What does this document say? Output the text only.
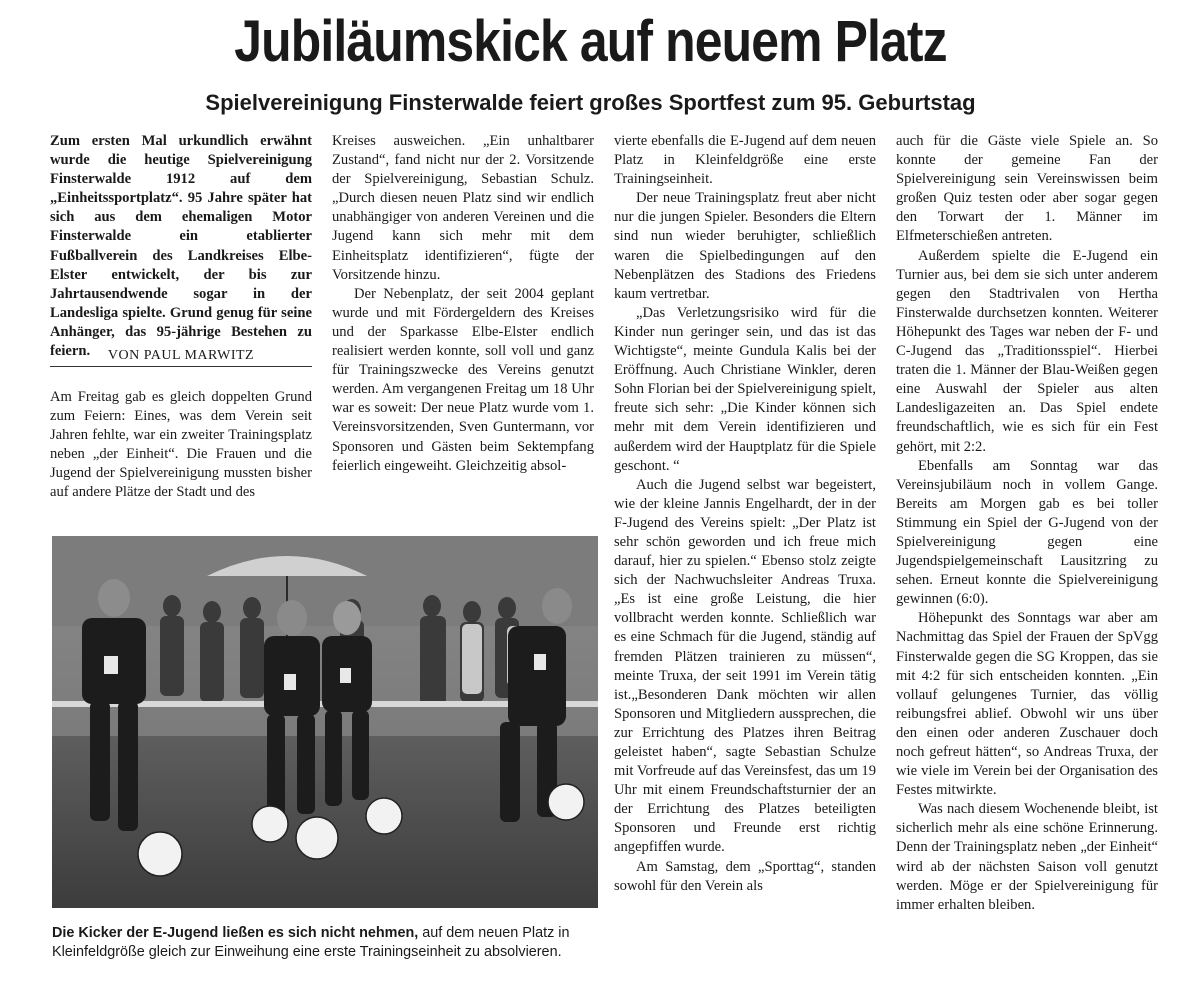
Jubiläumskick auf neuem Platz
Spielvereinigung Finsterwalde feiert großes Sportfest zum 95. Geburtstag

Zum ersten Mal urkundlich erwähnt wurde die heutige Spielvereinigung Finsterwalde 1912 auf dem „Einheitssportplatz“. 95 Jahre später hat sich aus dem ehemaligen Motor Finsterwalde ein etablierter Fußballverein des Landkreises Elbe-Elster entwickelt, der bis zur Jahrtausendwende sogar in der Landesliga spielte. Grund genug für seine Anhänger, das 95-jährige Bestehen zu feiern.	VON PAUL MARWITZ

Am Freitag gab es gleich doppelten Grund zum Feiern: Eines, was dem Verein seit Jahren fehlte, war ein zweiter Trainingsplatz neben „der Einheit“. Die Frauen und die Jugend der Spielvereinigung mussten bisher auf andere Plätze der Stadt und des

Kreises ausweichen. „Ein unhaltbarer Zustand“, fand nicht nur der 2. Vorsitzende der Spielvereinigung, Sebastian Schulz. „Durch diesen neuen Platz sind wir endlich unabhängiger von anderen Vereinen und die Jugend kann sich mehr mit dem Einheitsplatz identifizieren“, fügte der Vorsitzende hinzu.

Der Nebenplatz, der seit 2004 geplant wurde und mit Fördergeldern des Kreises und der Sparkasse Elbe-Elster endlich realisiert werden konnte, soll voll und ganz für Trainingszwecke des Vereins genutzt werden. Am vergangenen Freitag um 18 Uhr war es soweit: Der neue Platz wurde vom 1. Vereinsvorsitzenden, Sven Guntermann, vor Sponsoren und Gästen beim Sektempfang feierlich eingeweiht. Gleichzeitig absol-

vierte ebenfalls die E-Jugend auf dem neuen Platz in Kleinfeldgröße eine erste Trainingseinheit.

Der neue Trainingsplatz freut aber nicht nur die jungen Spieler. Besonders die Eltern sind nun wieder beruhigter, schließlich waren die Spielbedingungen auf den Nebenplätzen des Stadions des Friedens kaum vertretbar.

„Das Verletzungsrisiko wird für die Kinder nun geringer sein, und das ist das Wichtigste“, meinte Gundula Kalis bei der Eröffnung. Auch Christiane Winkler, deren Sohn Florian bei der Spielvereinigung spielt, freute sich sehr: „Die Kinder können sich mehr mit dem Verein identifizieren und außerdem wird der Hauptplatz für die Spiele geschont. “

Auch die Jugend selbst war begeistert, wie der kleine Jannis Engelhardt, der in der F-Jugend des Vereins spielt: „Der Platz ist sehr schön geworden und ich freue mich darauf, hier zu spielen.“ Ebenso stolz zeigte sich der Nachwuchsleiter Andreas Truxa. „Es ist eine große Leistung, die hier vollbracht werden konnte. Schließlich war es eine Schmach für die Jugend, ständig auf fremden Plätzen trainieren zu müssen“, meinte Truxa, der seit 1991 im Verein tätig ist.„Besonderen Dank möchten wir allen Sponsoren und Mitgliedern aussprechen, die zur Errichtung des Platzes ihren Beitrag geleistet haben“, sagte Sebastian Schulze mit Vorfreude auf das Vereinsfest, das um 19 Uhr mit einem Freundschaftsturnier der an der Errichtung des Platzes beteiligten Sponsoren und Freunde erst richtig angepfiffen wurde.

Am Samstag, dem „Sporttag“, standen sowohl für den Verein als

auch für die Gäste viele Spiele an. So konnte der gemeine Fan der Spielvereinigung sein Vereinswissen beim großen Quiz testen oder aber sogar gegen den Torwart der 1. Männer im Elfmeterschießen antreten.

Außerdem spielte die E-Jugend ein Turnier aus, bei dem sie sich unter anderem gegen den Stadtrivalen von Hertha Finsterwalde durchsetzen konnten. Weiterer Höhepunkt des Tages war neben der F- und C-Jugend das „Traditionsspiel“. Hierbei traten die 1. Männer der Blau-Weißen gegen eine Auswahl der Spieler aus alten Landesligazeiten an. Das Spiel endete freundschaftlich, wie es sich für ein Fest gehört, mit 2:2.

Ebenfalls am Sonntag war das Vereinsjubiläum noch in vollem Gange. Bereits am Morgen gab es bei toller Stimmung ein Spiel der G-Jugend von der Spielvereinigung gegen eine Jugendspielgemeinschaft Lausitzring zu sehen. Erneut konnte die Spielvereinigung gewinnen (6:0).

Höhepunkt des Sonntags war aber am Nachmittag das Spiel der Frauen der SpVgg Finsterwalde gegen die SG Kroppen, das sie mit 4:2 für sich entscheiden konnten. „Ein vollauf gelungenes Turnier, das völlig reibungsfrei ablief. Obwohl wir uns über den einen oder anderen Zuschauer doch noch gefreut hätten“, so Andreas Truxa, der wie viele im Verein bei der Organisation des Festes mitwirkte.

Was nach diesem Wochenende bleibt, ist sicherlich mehr als eine schöne Erinnerung. Denn der Trainingsplatz neben „der Einheit“ wird ab der nächsten Saison voll genutzt werden. Möge er der Spielvereinigung für immer erhalten bleiben.

Die Kicker der E-Jugend ließen es sich nicht nehmen, auf dem neuen Platz in Kleinfeldgröße gleich zur Einweihung eine erste Trainingseinheit zu absolvieren.
